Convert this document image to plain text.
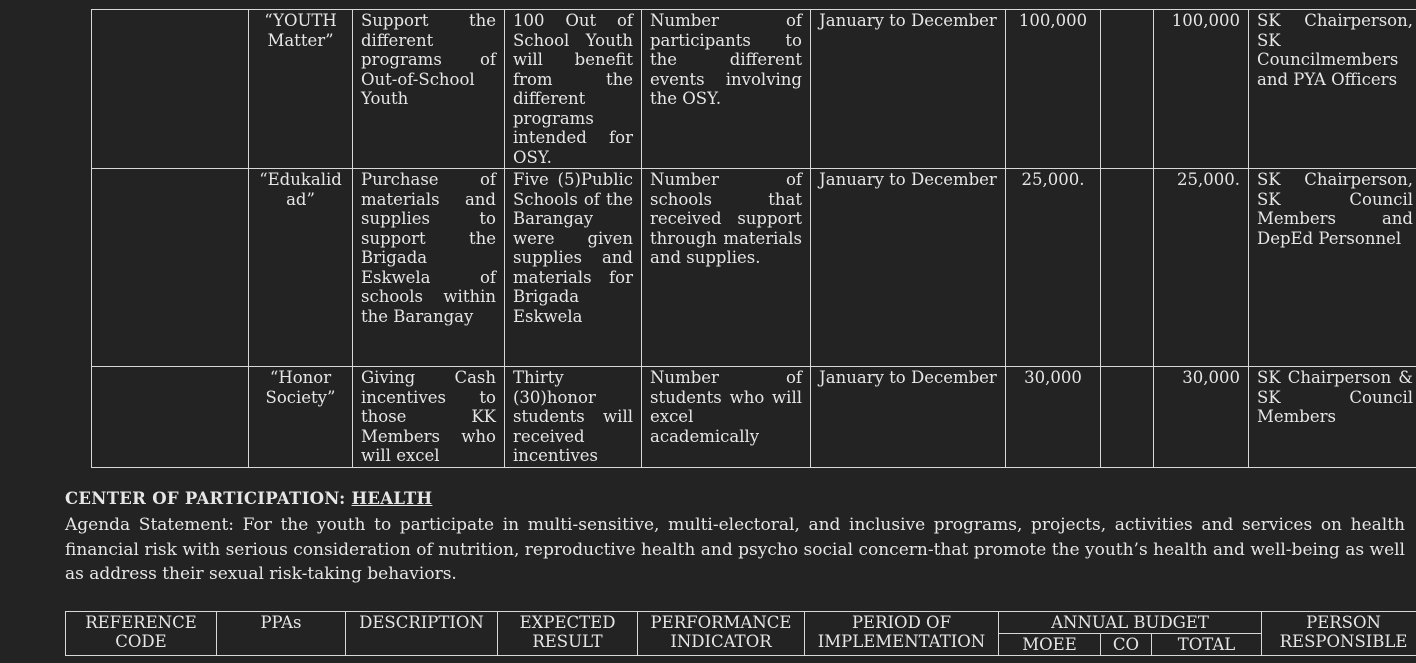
	“YOUTH Matter”	Support the different programs of Out-of-School Youth	100 Out of School Youth will benefit from the different programs intended for OSY.	Number of participants to the different events involving the OSY.	January to December	100,000		100,000	SK Chairperson, SK Councilmembers and PYA Officers
	“Edukalid ad”	Purchase of materials and supplies to support the Brigada Eskwela of schools within the Barangay	Five (5)Public Schools of the Barangay were given supplies and materials for Brigada Eskwela	Number of schools that received support through materials and supplies.	January to December	25,000.		25,000.	SK Chairperson, SK Council Members and DepEd Personnel
	“Honor Society”	Giving Cash incentives to those KK Members who will excel	Thirty (30)honor students will received incentives	Number of students who will excel academically	January to December	30,000		30,000	SK Chairperson & SK Council Members
CENTER OF PARTICIPATION: HEALTH
Agenda Statement: For the youth to participate in multi-sensitive, multi-electoral, and inclusive programs, projects, activities and services on health financial risk with serious consideration of nutrition, reproductive health and psycho social concern-that promote the youth’s health and well-being as well as address their sexual risk-taking behaviors.
REFERENCE CODE	PPAs	DESCRIPTION	EXPECTED RESULT	PERFORMANCE INDICATOR	PERIOD OF IMPLEMENTATION	ANNUAL BUDGET			PERSON RESPONSIBLE
						MOEE	CO	TOTAL	
